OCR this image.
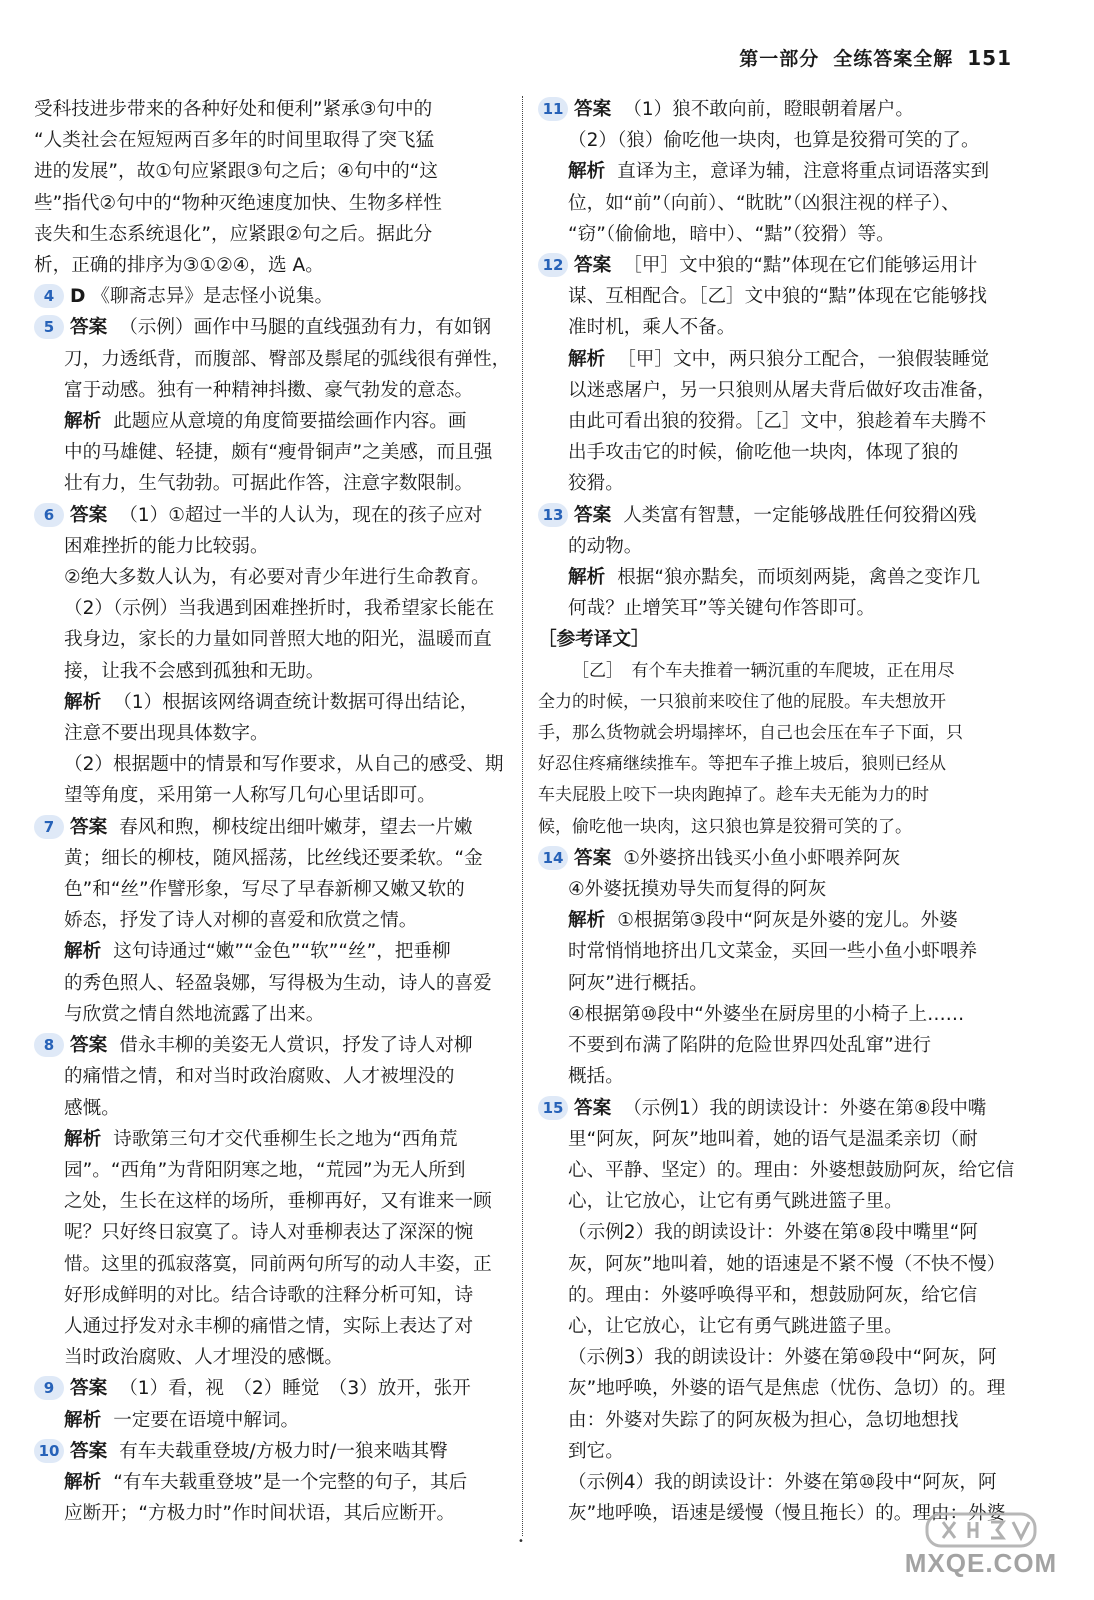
第一部分 全练答案全解 151
受科技进步带来的各种好处和便利”紧承③句中的
“人类社会在短短两百多年的时间里取得了突飞猛
进的发展”，故①句应紧跟③句之后；④句中的“这
些”指代②句中的“物种灭绝速度加快、生物多样性
丧失和生态系统退化”，应紧跟②句之后。据此分
析，正确的排序为③①②④，选 A。
4 D 《聊斋志异》是志怪小说集。
5 答案 （示例）画作中马腿的直线强劲有力，有如钢
刀，力透纸背，而腹部、臀部及鬃尾的弧线很有弹性，
富于动感。独有一种精神抖擞、豪气勃发的意态。
解析 此题应从意境的角度简要描绘画作内容。画
中的马雄健、轻捷，颇有“瘦骨铜声”之美感，而且强
壮有力，生气勃勃。可据此作答，注意字数限制。
6 答案 （1）①超过一半的人认为，现在的孩子应对
困难挫折的能力比较弱。
②绝大多数人认为，有必要对青少年进行生命教育。
（2）（示例）当我遇到困难挫折时，我希望家长能在
我身边，家长的力量如同普照大地的阳光，温暖而直
接，让我不会感到孤独和无助。
解析 （1）根据该网络调查统计数据可得出结论，
注意不要出现具体数字。
（2）根据题中的情景和写作要求，从自己的感受、期
望等角度，采用第一人称写几句心里话即可。
7 答案 春风和煦，柳枝绽出细叶嫩芽，望去一片嫩
黄；细长的柳枝，随风摇荡，比丝线还要柔软。“金
色”和“丝”作譬形象，写尽了早春新柳又嫩又软的
娇态，抒发了诗人对柳的喜爱和欣赏之情。
解析 这句诗通过“嫩”“金色”“软”“丝”，把垂柳
的秀色照人、轻盈袅娜，写得极为生动，诗人的喜爱
与欣赏之情自然地流露了出来。
8 答案 借永丰柳的美姿无人赏识，抒发了诗人对柳
的痛惜之情，和对当时政治腐败、人才被埋没的
感慨。
解析 诗歌第三句才交代垂柳生长之地为“西角荒
园”。“西角”为背阳阴寒之地，“荒园”为无人所到
之处，生长在这样的场所，垂柳再好，又有谁来一顾
呢？只好终日寂寞了。诗人对垂柳表达了深深的惋
惜。这里的孤寂落寞，同前两句所写的动人丰姿，正
好形成鲜明的对比。结合诗歌的注释分析可知，诗
人通过抒发对永丰柳的痛惜之情，实际上表达了对
当时政治腐败、人才埋没的感慨。
9 答案 （1）看，视　（2）睡觉　（3）放开，张开
解析 一定要在语境中解词。
10 答案 有车夫载重登坡/方极力时/一狼来啮其臀
解析 “有车夫载重登坡”是一个完整的句子，其后
应断开；“方极力时”作时间状语，其后应断开。
11 答案 （1）狼不敢向前，瞪眼朝着屠户。
（2）（狼）偷吃他一块肉，也算是狡猾可笑的了。
解析 直译为主，意译为辅，注意将重点词语落实到
位，如“前”（向前）、“眈眈”（凶狠注视的样子）、
“窃”（偷偷地，暗中）、“黠”（狡猾）等。
12 答案 ［甲］文中狼的“黠”体现在它们能够运用计
谋、互相配合。［乙］文中狼的“黠”体现在它能够找
准时机，乘人不备。
解析 ［甲］文中，两只狼分工配合，一狼假装睡觉
以迷惑屠户，另一只狼则从屠夫背后做好攻击准备，
由此可看出狼的狡猾。［乙］文中，狼趁着车夫腾不
出手攻击它的时候，偷吃他一块肉，体现了狼的
狡猾。
13 答案 人类富有智慧，一定能够战胜任何狡猾凶残
的动物。
解析 根据“狼亦黠矣，而顷刻两毙，禽兽之变诈几
何哉？止增笑耳”等关键句作答即可。
［参考译文］
［乙］　有个车夫推着一辆沉重的车爬坡，正在用尽
全力的时候，一只狼前来咬住了他的屁股。车夫想放开
手，那么货物就会坍塌摔坏，自己也会压在车子下面，只
好忍住疼痛继续推车。等把车子推上坡后，狼则已经从
车夫屁股上咬下一块肉跑掉了。趁车夫无能为力的时
候，偷吃他一块肉，这只狼也算是狡猾可笑的了。
14 答案 ①外婆挤出钱买小鱼小虾喂养阿灰
④外婆抚摸劝导失而复得的阿灰
解析 ①根据第③段中“阿灰是外婆的宠儿。外婆
时常悄悄地挤出几文菜金，买回一些小鱼小虾喂养
阿灰”进行概括。
④根据第⑩段中“外婆坐在厨房里的小椅子上……
不要到布满了陷阱的危险世界四处乱窜”进行
概括。
15 答案 （示例1）我的朗读设计：外婆在第⑧段中嘴
里“阿灰，阿灰”地叫着，她的语气是温柔亲切（耐
心、平静、坚定）的。理由：外婆想鼓励阿灰，给它信
心，让它放心，让它有勇气跳进篮子里。
（示例2）我的朗读设计：外婆在第⑧段中嘴里“阿
灰，阿灰”地叫着，她的语速是不紧不慢（不快不慢）
的。理由：外婆呼唤得平和，想鼓励阿灰，给它信
心，让它放心，让它有勇气跳进篮子里。
（示例3）我的朗读设计：外婆在第⑩段中“阿灰，阿
灰”地呼唤，外婆的语气是焦虑（忧伤、急切）的。理
由：外婆对失踪了的阿灰极为担心，急切地想找
到它。
（示例4）我的朗读设计：外婆在第⑩段中“阿灰，阿
灰”地呼唤，语速是缓慢（慢且拖长）的。理由：外婆
•
MXQE.COM
